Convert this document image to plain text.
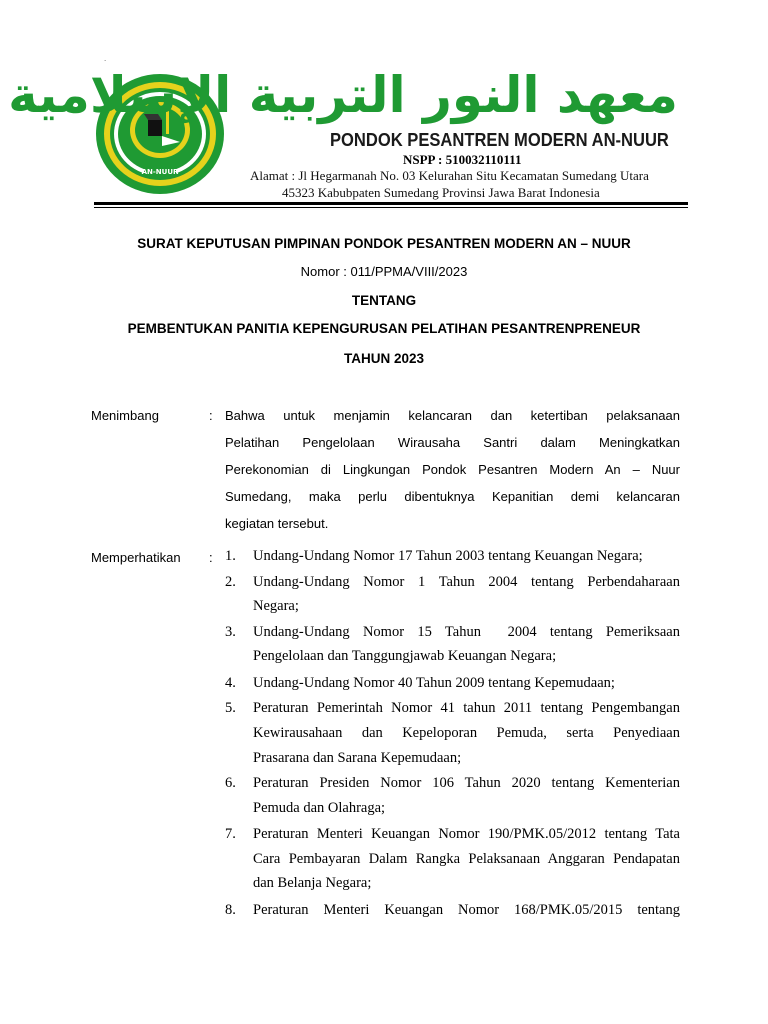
.
AN-NUUR
معهد النور التربية الإسلامية
PONDOK PESANTREN MODERN AN-NUUR
NSPP : 510032110111
Alamat : Jl Hegarmanah No. 03 Kelurahan Situ Kecamatan Sumedang Utara
45323 Kabubpaten Sumedang Provinsi Jawa Barat Indonesia
SURAT KEPUTUSAN PIMPINAN PONDOK PESANTREN MODERN AN – NUUR
Nomor : 011/PPMA/VIII/2023
TENTANG
PEMBENTUKAN PANITIA KEPENGURUSAN PELATIHAN PESANTRENPRENEUR
TAHUN 2023
Menimbang	: Bahwa untuk menjamin kelancaran dan ketertiban pelaksanaan
Pelatihan Pengelolaan Wirausaha Santri dalam Meningkatkan
Perekonomian di Lingkungan Pondok Pesantren Modern An – Nuur
Sumedang, maka perlu dibentuknya Kepanitian demi kelancaran
kegiatan tersebut.
Memperhatikan : 1. Undang-Undang Nomor 17 Tahun 2003 tentang Keuangan Negara;
2. Undang-Undang Nomor 1 Tahun 2004 tentang Perbendaharaan
Negara;
3. Undang-Undang Nomor 15 Tahun  2004 tentang Pemeriksaan
Pengelolaan dan Tanggungjawab Keuangan Negara;
4. Undang-Undang Nomor 40 Tahun 2009 tentang Kepemudaan;
5. Peraturan Pemerintah Nomor 41 tahun 2011 tentang Pengembangan
Kewirausahaan dan Kepeloporan Pemuda, serta Penyediaan
Prasarana dan Sarana Kepemudaan;
6. Peraturan Presiden Nomor 106 Tahun 2020 tentang Kementerian
Pemuda dan Olahraga;
7. Peraturan Menteri Keuangan Nomor 190/PMK.05/2012 tentang Tata
Cara Pembayaran Dalam Rangka Pelaksanaan Anggaran Pendapatan
dan Belanja Negara;
8. Peraturan Menteri Keuangan Nomor 168/PMK.05/2015 tentang
